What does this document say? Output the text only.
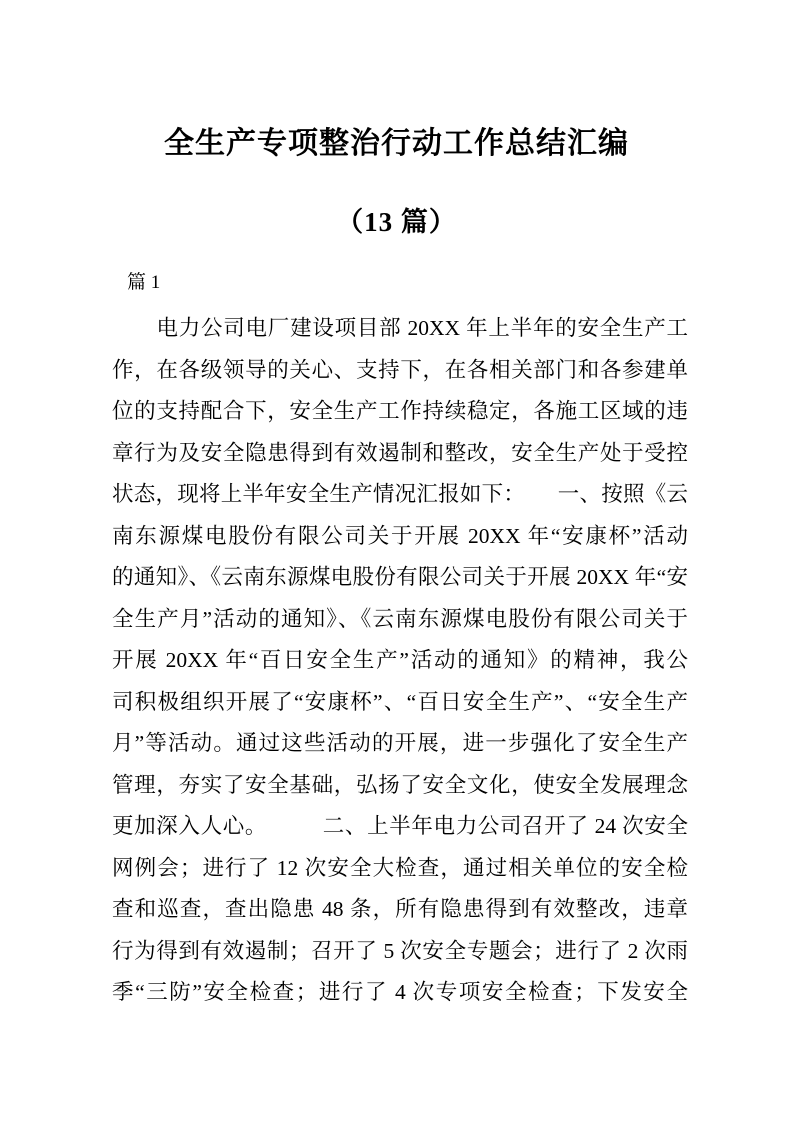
全生产专项整治行动工作总结汇编
（13 篇）
篇 1
　　电力公司电厂建设项目部 20XX 年上半年的安全生产工
作，在各级领导的关心、支持下，在各相关部门和各参建单
位的支持配合下，安全生产工作持续稳定，各施工区域的违
章行为及安全隐患得到有效遏制和整改，安全生产处于受控
状态，现将上半年安全生产情况汇报如下：　　一、按照《云
南东源煤电股份有限公司关于开展 20XX 年“安康杯”活动
的通知》、《云南东源煤电股份有限公司关于开展 20XX 年“安
全生产月”活动的通知》、《云南东源煤电股份有限公司关于
开展 20XX 年“百日安全生产”活动的通知》的精神，我公
司积极组织开展了“安康杯”、“百日安全生产”、“安全生产
月”等活动。通过这些活动的开展，进一步强化了安全生产
管理，夯实了安全基础，弘扬了安全文化，使安全发展理念
更加深入人心。　　　二、上半年电力公司召开了 24 次安全
网例会；进行了 12 次安全大检查，通过相关单位的安全检
查和巡查，查出隐患 48 条，所有隐患得到有效整改，违章
行为得到有效遏制；召开了 5 次安全专题会；进行了 2 次雨
季“三防”安全检查；进行了 4 次专项安全检查；下发安全
